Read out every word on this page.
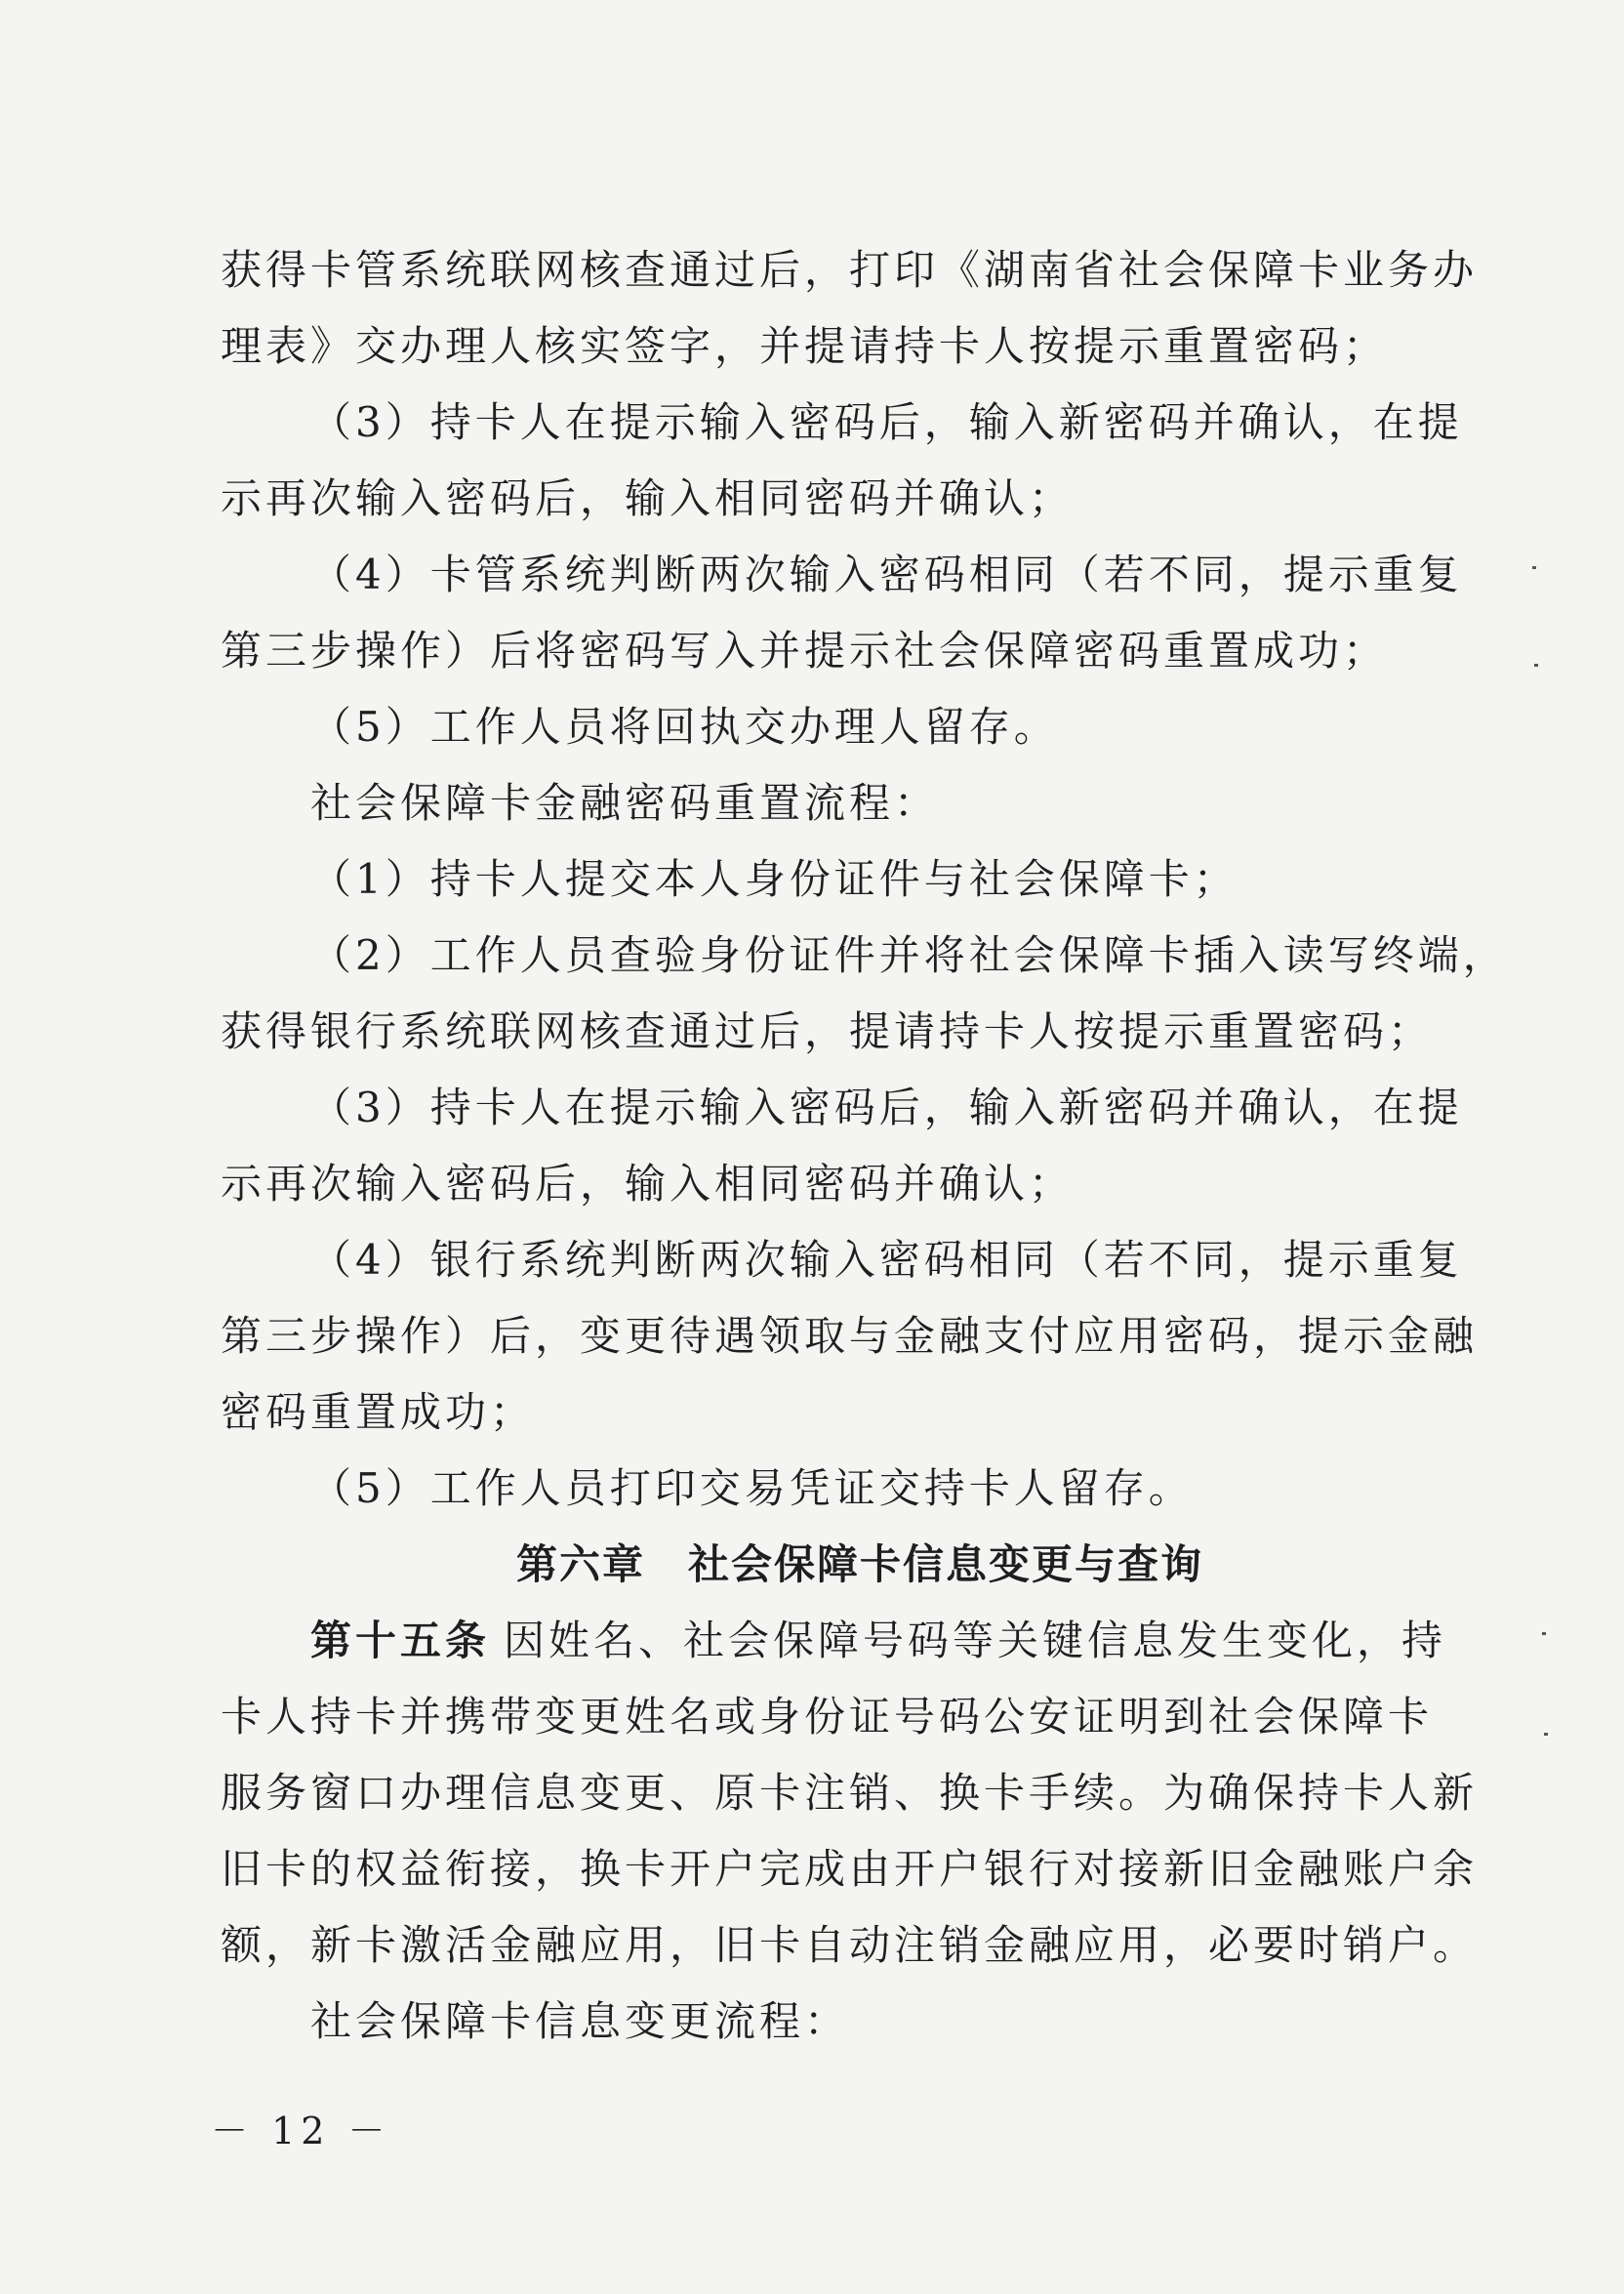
获得卡管系统联网核查通过后，打印《湖南省社会保障卡业务办
理表》交办理人核实签字，并提请持卡人按提示重置密码；
（3）持卡人在提示输入密码后，输入新密码并确认，在提
示再次输入密码后，输入相同密码并确认；
（4）卡管系统判断两次输入密码相同（若不同，提示重复
第三步操作）后将密码写入并提示社会保障密码重置成功；
（5）工作人员将回执交办理人留存。
社会保障卡金融密码重置流程：
（1）持卡人提交本人身份证件与社会保障卡；
（2）工作人员查验身份证件并将社会保障卡插入读写终端，
获得银行系统联网核查通过后，提请持卡人按提示重置密码；
（3）持卡人在提示输入密码后，输入新密码并确认，在提
示再次输入密码后，输入相同密码并确认；
（4）银行系统判断两次输入密码相同（若不同，提示重复
第三步操作）后，变更待遇领取与金融支付应用密码，提示金融
密码重置成功；
（5）工作人员打印交易凭证交持卡人留存。
第六章　社会保障卡信息变更与查询
第十五条 因姓名、社会保障号码等关键信息发生变化，持
卡人持卡并携带变更姓名或身份证号码公安证明到社会保障卡
服务窗口办理信息变更、原卡注销、换卡手续。为确保持卡人新
旧卡的权益衔接，换卡开户完成由开户银行对接新旧金融账户余
额，新卡激活金融应用，旧卡自动注销金融应用，必要时销户。
社会保障卡信息变更流程：
－ 12 －
